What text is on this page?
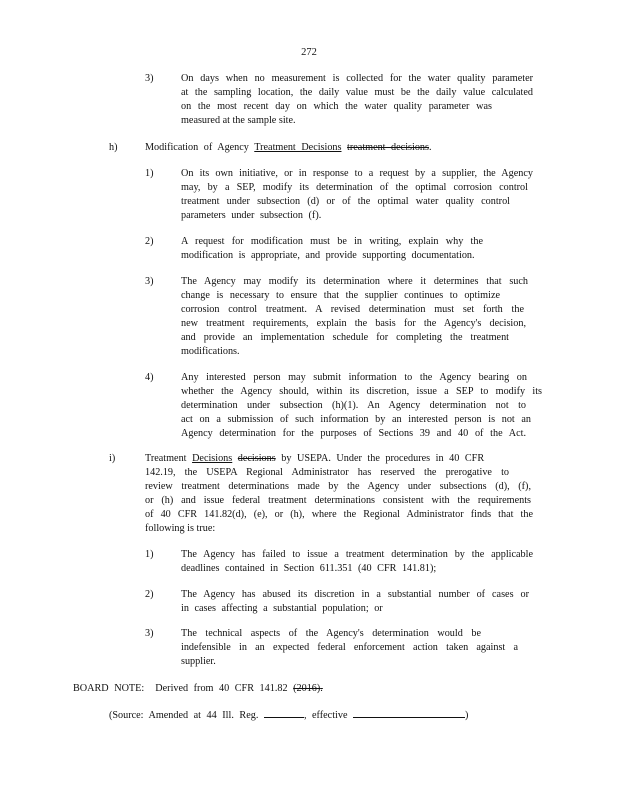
272
3)	On days when no measurement is collected for the water quality parameter
at the sampling location, the daily value must be the daily value calculated
on the most recent day on which the water quality parameter was
measured at the sample site.
h)	Modification of Agency Treatment Decisions treatment decisions.
1)	On its own initiative, or in response to a request by a supplier, the Agency
may, by a SEP, modify its determination of the optimal corrosion control
treatment under subsection (d) or of the optimal water quality control
parameters under subsection (f).
2)	A request for modification must be in writing, explain why the
modification is appropriate, and provide supporting documentation.
3)	The Agency may modify its determination where it determines that such
change is necessary to ensure that the supplier continues to optimize
corrosion control treatment. A revised determination must set forth the
new treatment requirements, explain the basis for the Agency's decision,
and provide an implementation schedule for completing the treatment
modifications.
4)	Any interested person may submit information to the Agency bearing on
whether the Agency should, within its discretion, issue a SEP to modify its
determination under subsection (h)(1). An Agency determination not to
act on a submission of such information by an interested person is not an
Agency determination for the purposes of Sections 39 and 40 of the Act.
i)	Treatment Decisions decisions by USEPA. Under the procedures in 40 CFR
142.19, the USEPA Regional Administrator has reserved the prerogative to
review treatment determinations made by the Agency under subsections (d), (f),
or (h) and issue federal treatment determinations consistent with the requirements
of 40 CFR 141.82(d), (e), or (h), where the Regional Administrator finds that the
following is true:
1)	The Agency has failed to issue a treatment determination by the applicable
deadlines contained in Section 611.351 (40 CFR 141.81);
2)	The Agency has abused its discretion in a substantial number of cases or
in cases affecting a substantial population; or
3)	The technical aspects of the Agency's determination would be
indefensible in an expected federal enforcement action taken against a
supplier.
BOARD NOTE: Derived from 40 CFR 141.82 (2016).
(Source: Amended at 44 Ill. Reg.	, effective	)
